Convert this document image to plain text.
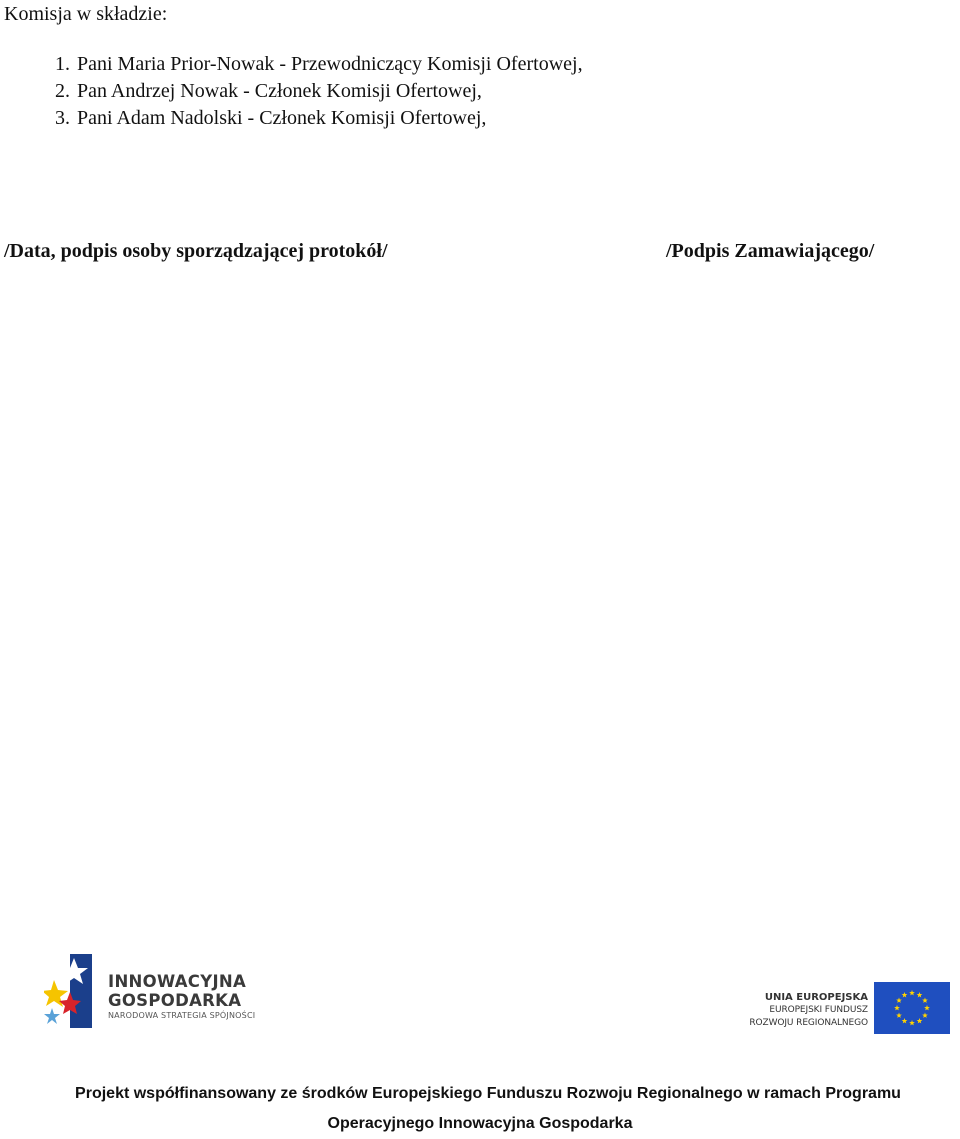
Komisja w składzie:

1. Pani Maria Prior-Nowak - Przewodniczący Komisji Ofertowej,
2. Pan Andrzej Nowak - Członek Komisji Ofertowej,
3. Pani Adam Nadolski - Członek Komisji Ofertowej,
/Data, podpis osoby sporządzającej protokół/	/Podpis Zamawiającego/
INNOWACYJNA
GOSPODARKA
NARODOWA STRATEGIA SPÓJNOŚCI
UNIA EUROPEJSKA
EUROPEJSKI FUNDUSZ
ROZWOJU REGIONALNEGO
Projekt współfinansowany ze środków Europejskiego Funduszu Rozwoju Regionalnego w ramach Programu
Operacyjnego Innowacyjna Gospodarka
